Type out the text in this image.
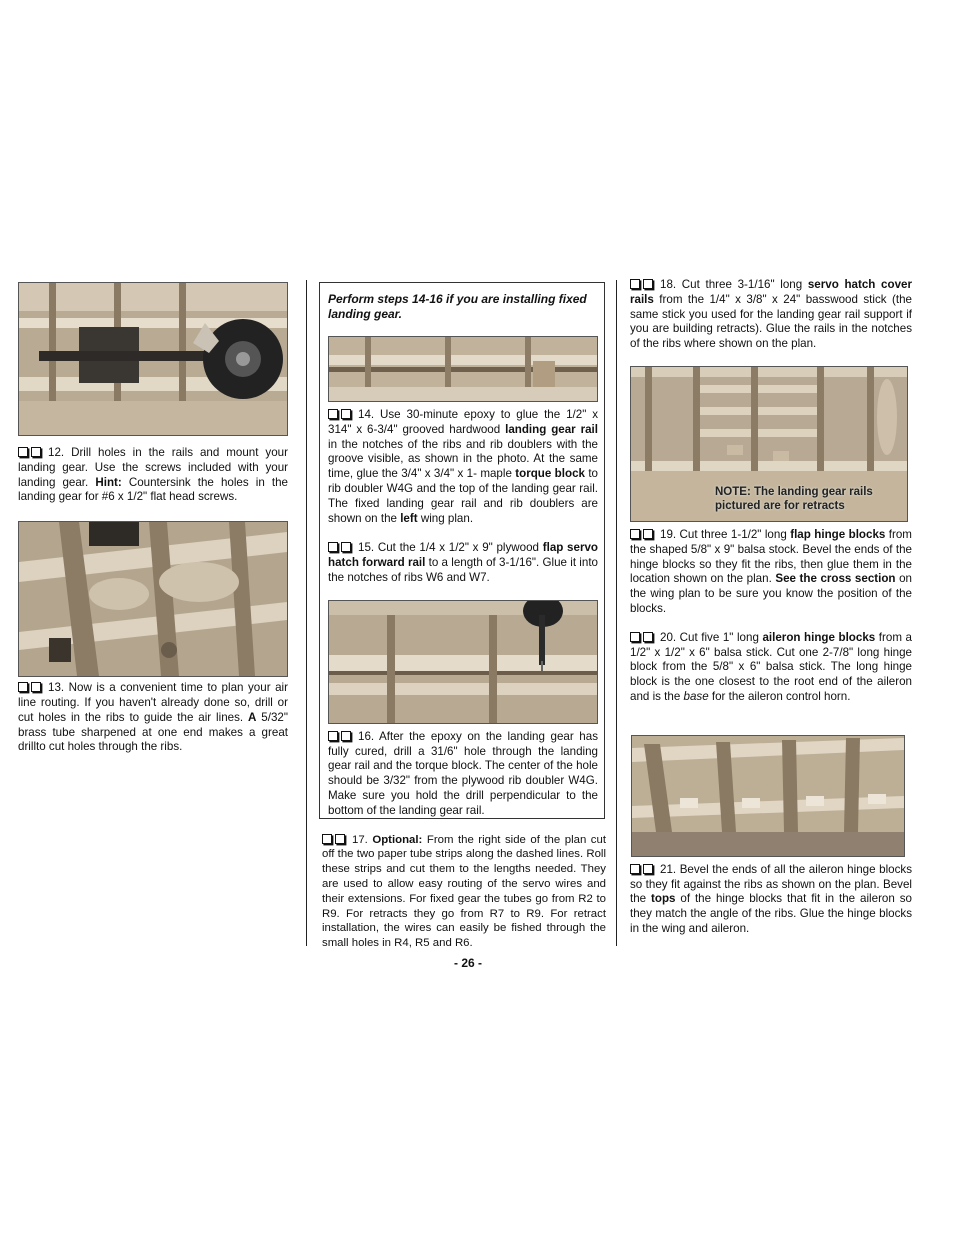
12. Drill holes in the rails and mount your landing gear. Use the screws included with your landing gear. Hint: Countersink the holes in the landing gear for #6 x 1/2" flat head screws.

13. Now is a convenient time to plan your air line routing. If you haven't already done so, drill or cut holes in the ribs to guide the air lines. A 5/32" brass tube sharpened at one end makes a great drillto cut holes through the ribs.

Perform steps 14-16 if you are installing fixed landing gear.

14. Use 30-minute epoxy to glue the 1/2" x 314" x 6-3/4" grooved hardwood landing gear rail in the notches of the ribs and rib doublers with the groove visible, as shown in the photo. At the same time, glue the 3/4" x 3/4" x 1- maple torque block to rib doubler W4G and the top of the landing gear rail. The fixed landing gear rail and rib doublers are shown on the left wing plan.

15. Cut the 1/4 x 1/2" x 9" plywood flap servo hatch forward rail to a length of 3-1/16". Glue it into the notches of ribs W6 and W7.

16. After the epoxy on the landing gear has fully cured, drill a 31/6" hole through the landing gear rail and the torque block. The center of the hole should be 3/32" from the plywood rib doubler W4G. Make sure you hold the drill perpendicular to the bottom of the landing gear rail.

17. Optional: From the right side of the plan cut off the two paper tube strips along the dashed lines. Roll these strips and cut them to the lengths needed. They are used to allow easy routing of the servo wires and their extensions. For fixed gear the tubes go from R2 to R9. For retracts they go from R7 to R9. For retract installation, the wires can easily be fished through the small holes in R4, R5 and R6.

18. Cut three 3-1/16" long servo hatch cover rails from the 1/4" x 3/8" x 24" basswood stick (the same stick you used for the landing gear rail support if you are building retracts). Glue the rails in the notches of the ribs where shown on the plan.

NOTE: The landing gear rails
pictured are for retracts

19. Cut three 1-1/2" long flap hinge blocks from the shaped 5/8" x 9" balsa stock. Bevel the ends of the hinge blocks so they fit the ribs, then glue them in the location shown on the plan. See the cross section on the wing plan to be sure you know the position of the blocks.

20. Cut five 1" long aileron hinge blocks from a 1/2" x 1/2" x 6" balsa stick. Cut one 2-7/8" long hinge block from the 5/8" x 6" balsa stick. The long hinge block is the one closest to the root end of the aileron and is the base for the aileron control horn.

21. Bevel the ends of all the aileron hinge blocks so they fit against the ribs as shown on the plan. Bevel the tops of the hinge blocks that fit in the aileron so they match the angle of the ribs. Glue the hinge blocks in the wing and aileron.

- 26 -
